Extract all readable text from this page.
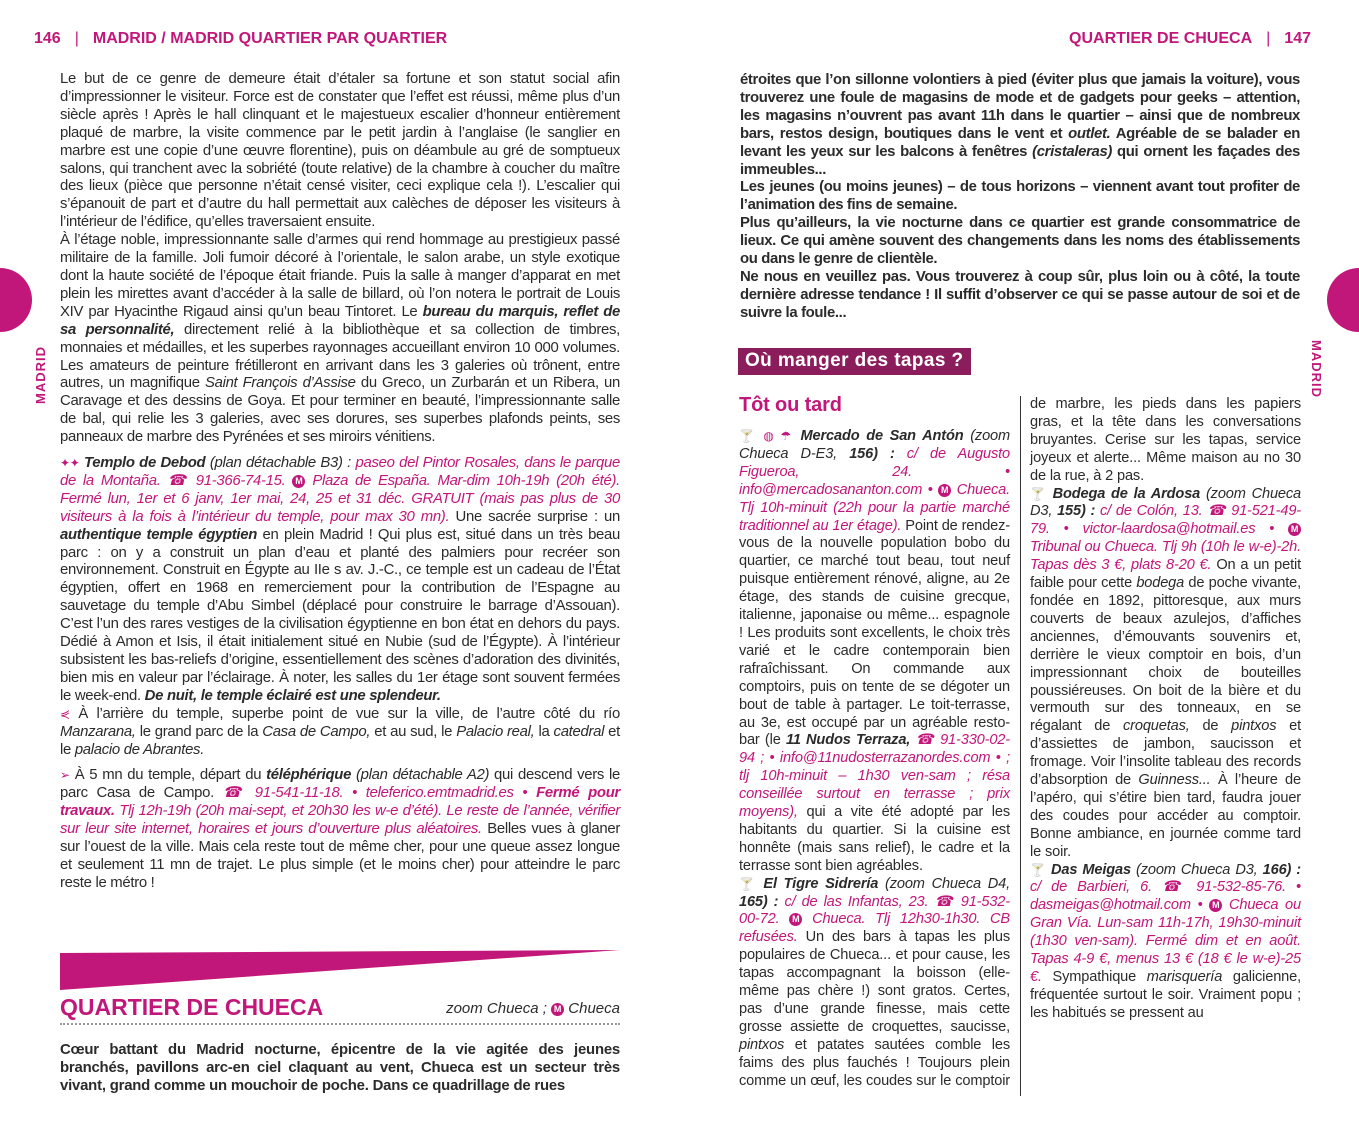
146 | MADRID / MADRID QUARTIER PAR QUARTIER
MADRID

Le but de ce genre de demeure était d’étaler sa fortune et son statut social afin d’impressionner le visiteur. Force est de constater que l’effet est réussi, même plus d’un siècle après ! Après le hall clinquant et le majestueux escalier d’honneur entièrement plaqué de marbre, la visite commence par le petit jardin à l’anglaise (le sanglier en marbre est une copie d’une œuvre florentine), puis on déambule au gré de somptueux salons, qui tranchent avec la sobriété (toute relative) de la chambre à coucher du maître des lieux (pièce que personne n’était censé visiter, ceci explique cela !). L’escalier qui s’épanouit de part et d’autre du hall permettait aux calèches de déposer les visiteurs à l’intérieur de l’édifice, qu’elles traversaient ensuite.

À l’étage noble, impressionnante salle d’armes qui rend hommage au prestigieux passé militaire de la famille. Joli fumoir décoré à l’orientale, le salon arabe, un style exotique dont la haute société de l’époque était friande. Puis la salle à manger d’apparat en met plein les mirettes avant d’accéder à la salle de billard, où l’on notera le portrait de Louis XIV par Hyacinthe Rigaud ainsi qu’un beau Tintoret. Le bureau du marquis, reflet de sa personnalité, directement relié à la bibliothèque et sa collection de timbres, monnaies et médailles, et les superbes rayonnages accueillant environ 10 000 volumes. Les amateurs de peinture frétilleront en arrivant dans les 3 galeries où trônent, entre autres, un magnifique Saint François d’Assise du Greco, un Zurbarán et un Ribera, un Caravage et des dessins de Goya. Et pour terminer en beauté, l’impressionnante salle de bal, qui relie les 3 galeries, avec ses dorures, ses superbes plafonds peints, ses panneaux de marbre des Pyrénées et ses miroirs vénitiens.

✦✦ Templo de Debod (plan détachable B3) : paseo del Pintor Rosales, dans le parque de la Montaña. ☎ 91-366-74-15. M Plaza de España. Mar-dim 10h-19h (20h été). Fermé lun, 1er et 6 janv, 1er mai, 24, 25 et 31 déc. GRATUIT (mais pas plus de 30 visiteurs à la fois à l’intérieur du temple, pour max 30 mn). Une sacrée surprise : un authentique temple égyptien en plein Madrid ! Qui plus est, situé dans un très beau parc : on y a construit un plan d’eau et planté des palmiers pour recréer son environnement. Construit en Égypte au IIe s av. J.-C., ce temple est un cadeau de l’État égyptien, offert en 1968 en remerciement pour la contribution de l’Espagne au sauvetage du temple d’Abu Simbel (déplacé pour construire le barrage d’Assouan). C’est l’un des rares vestiges de la civilisation égyptienne en bon état en dehors du pays. Dédié à Amon et Isis, il était initialement situé en Nubie (sud de l’Égypte). À l’intérieur subsistent les bas-reliefs d’origine, essentiellement des scènes d’adoration des divinités, bien mis en valeur par l’éclairage. À noter, les salles du 1er étage sont souvent fermées le week-end. De nuit, le temple éclairé est une splendeur.
⋞ À l’arrière du temple, superbe point de vue sur la ville, de l’autre côté du río Manzarana, le grand parc de la Casa de Campo, et au sud, le Palacio real, la catedral et le palacio de Abrantes.

➢ À 5 mn du temple, départ du téléphérique (plan détachable A2) qui descend vers le parc Casa de Campo. ☎ 91-541-11-18. • teleferico.emtmadrid.es • Fermé pour travaux. Tlj 12h-19h (20h mai-sept, et 20h30 les w-e d’été). Le reste de l’année, vérifier sur leur site internet, horaires et jours d’ouverture plus aléatoires. Belles vues à glaner sur l’ouest de la ville. Mais cela reste tout de même cher, pour une queue assez longue et seulement 11 mn de trajet. Le plus simple (et le moins cher) pour atteindre le parc reste le métro !

QUARTIER DE CHUECA	zoom Chueca ; M Chueca
Cœur battant du Madrid nocturne, épicentre de la vie agitée des jeunes branchés, pavillons arc-en ciel claquant au vent, Chueca est un secteur très vivant, grand comme un mouchoir de poche. Dans ce quadrillage de rues
QUARTIER DE CHUECA | 147
MADRID

étroites que l’on sillonne volontiers à pied (éviter plus que jamais la voiture), vous trouverez une foule de magasins de mode et de gadgets pour geeks – attention, les magasins n’ouvrent pas avant 11h dans le quartier – ainsi que de nombreux bars, restos design, boutiques dans le vent et outlet. Agréable de se balader en levant les yeux sur les balcons à fenêtres (cristaleras) qui ornent les façades des immeubles...

Les jeunes (ou moins jeunes) – de tous horizons – viennent avant tout profiter de l’animation des fins de semaine.

Plus qu’ailleurs, la vie nocturne dans ce quartier est grande consommatrice de lieux. Ce qui amène souvent des changements dans les noms des établissements ou dans le genre de clientèle.

Ne nous en veuillez pas. Vous trouverez à coup sûr, plus loin ou à côté, la toute dernière adresse tendance ! Il suffit d’observer ce qui se passe autour de soi et de suivre la foule...

Où manger des tapas ?
Tôt ou tard

🍸 ◍ ☂ Mercado de San Antón (zoom Chueca D-E3, 156) : c/ de Augusto Figueroa, 24. • info@mercadosananton.com • M Chueca. Tlj 10h-minuit (22h pour la partie marché traditionnel au 1er étage). Point de rendez-vous de la nouvelle population bobo du quartier, ce marché tout beau, tout neuf puisque entièrement rénové, aligne, au 2e étage, des stands de cuisine grecque, italienne, japonaise ou même... espagnole ! Les produits sont excellents, le choix très varié et le cadre contemporain bien rafraîchissant. On commande aux comptoirs, puis on tente de se dégoter un bout de table à partager. Le toit-terrasse, au 3e, est occupé par un agréable resto-bar (le 11 Nudos Terraza, ☎ 91-330-02-94 ; • info@11nudosterrazanordes.com • ; tlj 10h-minuit – 1h30 ven-sam ; résa conseillée surtout en terrasse ; prix moyens), qui a vite été adopté par les habitants du quartier. Si la cuisine est honnête (mais sans relief), le cadre et la terrasse sont bien agréables.

🍸 El Tigre Sidrería (zoom Chueca D4, 165) : c/ de las Infantas, 23. ☎ 91-532-00-72. M Chueca. Tlj 12h30-1h30. CB refusées. Un des bars à tapas les plus populaires de Chueca... et pour cause, les tapas accompagnant la boisson (elle-même pas chère !) sont gratos. Certes, pas d’une grande finesse, mais cette grosse assiette de croquettes, saucisse, pintxos et patates sautées comble les faims des plus fauchés ! Toujours plein comme un œuf, les coudes sur le comptoir de marbre, les pieds dans les papiers gras, et la tête dans les conversations bruyantes. Cerise sur les tapas, service joyeux et alerte... Même maison au no 30 de la rue, à 2 pas.

🍸 Bodega de la Ardosa (zoom Chueca D3, 155) : c/ de Colón, 13. ☎ 91-521-49-79. • victor-laardosa@hotmail.es • M Tribunal ou Chueca. Tlj 9h (10h le w-e)-2h. Tapas dès 3 €, plats 8-20 €. On a un petit faible pour cette bodega de poche vivante, fondée en 1892, pittoresque, aux murs couverts de beaux azulejos, d’affiches anciennes, d’émouvants souvenirs et, derrière le vieux comptoir en bois, d’un impressionnant choix de bouteilles poussiéreuses. On boit de la bière et du vermouth sur des tonneaux, en se régalant de croquetas, de pintxos et d’assiettes de jambon, saucisson et fromage. Voir l’insolite tableau des records d’absorption de Guinness... À l’heure de l’apéro, qui s’étire bien tard, faudra jouer des coudes pour accéder au comptoir. Bonne ambiance, en journée comme tard le soir.

🍸 Das Meigas (zoom Chueca D3, 166) : c/ de Barbieri, 6. ☎ 91-532-85-76. • dasmeigas@hotmail.com • M Chueca ou Gran Vía. Lun-sam 11h-17h, 19h30-minuit (1h30 ven-sam). Fermé dim et en août. Tapas 4-9 €, menus 13 € (18 € le w-e)-25 €. Sympathique marisquería galicienne, fréquentée surtout le soir. Vraiment popu ; les habitués se pressent au
